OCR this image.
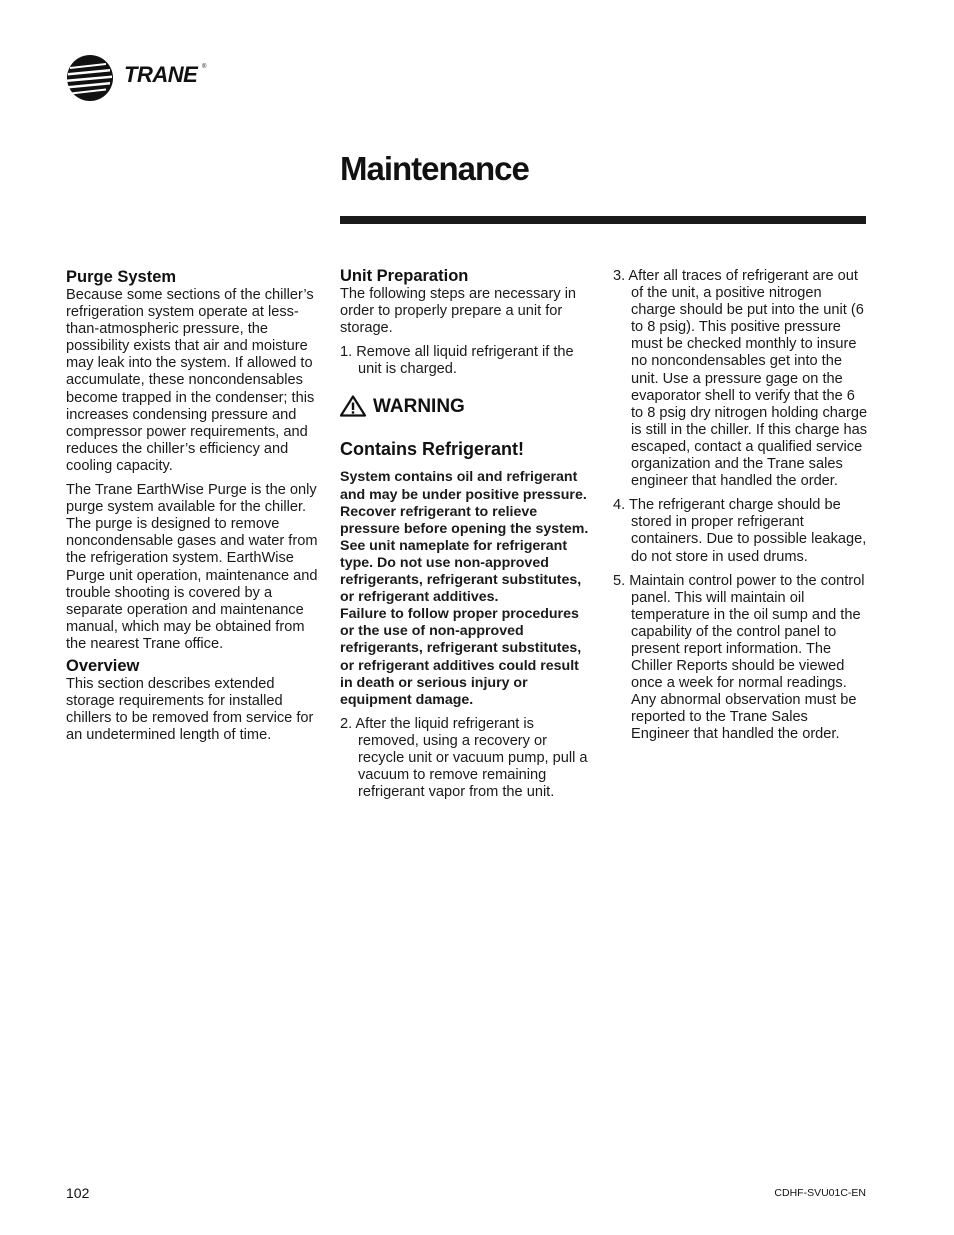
TRANE ®
Maintenance
Purge System

Because some sections of the chiller’s refrigeration system operate at less-than-atmospheric pressure, the possibility exists that air and moisture may leak into the system. If allowed to accumulate, these noncondensables become trapped in the condenser; this increases condensing pressure and compressor power requirements, and reduces the chiller’s efficiency and cooling capacity.

The Trane EarthWise Purge is the only purge system available for the chiller. The purge is designed to remove noncondensable gases and water from the refrigeration system. EarthWise Purge unit operation, maintenance and trouble shooting is covered by a separate operation and maintenance manual, which may be obtained from the nearest Trane office.

Overview

This section describes extended storage requirements for installed chillers to be removed from service for an undetermined length of time.

Unit Preparation

The following steps are necessary in order to properly prepare a unit for storage.

1. Remove all liquid refrigerant if the unit is charged.

WARNING
Contains Refrigerant!

System contains oil and refrigerant and may be under positive pressure. Recover refrigerant to relieve pressure before opening the system. See unit nameplate for refrigerant type. Do not use non-approved refrigerants, refrigerant substitutes, or refrigerant additives.

Failure to follow proper procedures or the use of non-approved refrigerants, refrigerant substitutes, or refrigerant additives could result in death or serious injury or equipment damage.

2. After the liquid refrigerant is removed, using a recovery or recycle unit or vacuum pump, pull a vacuum to remove remaining refrigerant vapor from the unit.

3. After all traces of refrigerant are out of the unit, a positive nitrogen charge should be put into the unit (6 to 8 psig). This positive pressure must be checked monthly to insure no noncondensables get into the unit. Use a pressure gage on the evaporator shell to verify that the 6 to 8 psig dry nitrogen holding charge is still in the chiller. If this charge has escaped, contact a qualified service organization and the Trane sales engineer that handled the order.

4. The refrigerant charge should be stored in proper refrigerant containers. Due to possible leakage, do not store in used drums.

5. Maintain control power to the control panel. This will maintain oil temperature in the oil sump and the capability of the control panel to present report information. The Chiller Reports should be viewed once a week for normal readings. Any abnormal observation must be reported to the Trane Sales Engineer that handled the order.

102	CDHF-SVU01C-EN
